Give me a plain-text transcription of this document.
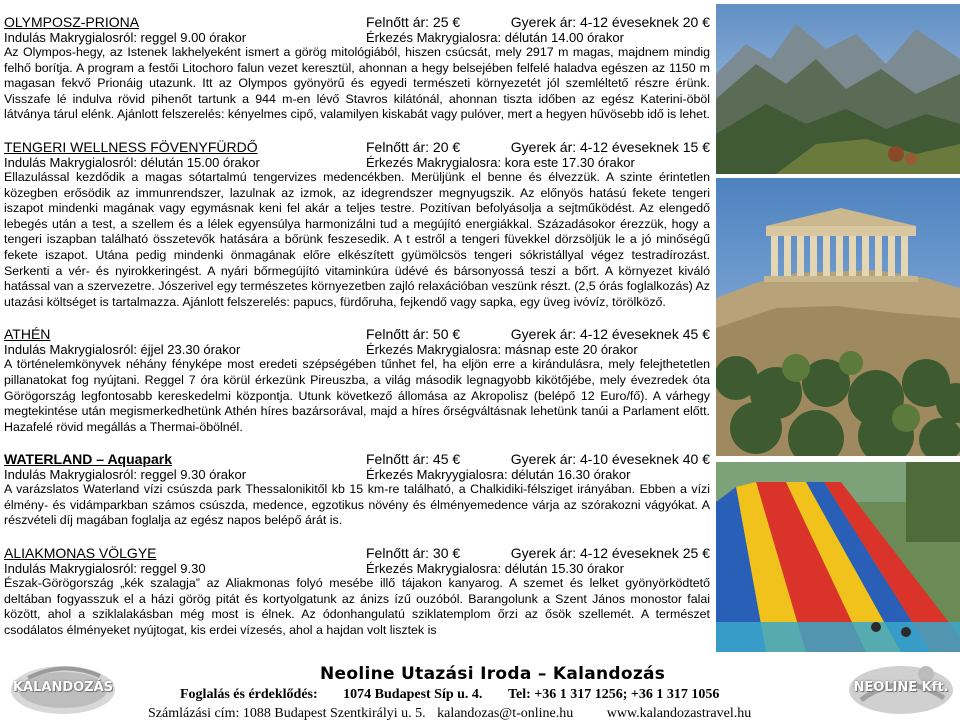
OLYMPOSZ-PRIONA	Felnőtt ár: 25 €	Gyerek ár: 4-12 éveseknek 20 €
Indulás Makrygialosról: reggel 9.00 órakor	Érkezés Makrygialosra: délután 14.00 órakor

Az Olympos-hegy, az Istenek lakhelyeként ismert a görög mitológiából, hiszen csúcsát, mely 2917 m magas, majdnem mindig felhő borítja. A program a festői Litochoro falun vezet keresztül, ahonnan a hegy belsejében felfelé haladva egészen az 1150 m magasan fekvő Prionáig utazunk. Itt az Olympos gyönyörű és egyedi természeti környezetét jól szemléltető részre érünk. Visszafe lé indulva rövid pihenőt tartunk a 944 m-en lévő Stavros kilátónál, ahonnan tiszta időben az egész Katerini-öböl látványa tárul elénk. Ajánlott felszerelés: kényelmes cipő, valamilyen kiskabát vagy pulóver, mert a hegyen hűvösebb idő is lehet.

TENGERI WELLNESS FÖVENYFÜRDŐ	Felnőtt ár: 20 €	Gyerek ár: 4-12 éveseknek 15 €
Indulás Makrygialosról: délután 15.00 órakor	Érkezés Makrygialosra: kora este 17.30 órakor

Ellazulással kezdődik a magas sótartalmú tengervizes medencékben. Merüljünk el benne és élvezzük. A szinte érintetlen közegben erősödik az immunrendszer, lazulnak az izmok, az idegrendszer megnyugszik. Az előnyös hatású fekete tengeri iszapot mindenki magának vagy egymásnak keni fel akár a teljes testre. Pozitívan befolyásolja a sejtműködést. Az elengedő lebegés után a test, a szellem és a lélek egyensúlya harmonizálni tud a megújító energiákkal. Századásokor érezzük, hogy a tengeri iszapban található összetevők hatására a bőrünk feszesedik. A t estről a tengeri füvekkel dörzsöljük le a jó minőségű fekete iszapot. Utána pedig mindenki önmagának előre elkészített gyümölcsös tengeri sókristállyal végez testradírozást. Serkenti a vér- és nyirokkeringést. A nyári bőrmegújító vitaminkúra üdévé és bársonyossá teszi a bőrt. A környezet kiváló hatással van a szervezetre. Jószerivel egy természetes környezetben zajló relaxációban veszünk részt. (2,5 órás foglalkozás) Az utazási költséget is tartalmazza. Ajánlott felszerelés: papucs, fürdőruha, fejkendő vagy sapka, egy üveg ivóvíz, törölköző.

ATHÉN	Felnőtt ár: 50 €	Gyerek ár: 4-12 éveseknek 45 €
Indulás Makrygialosról: éjjel 23.30 órakor	Érkezés Makrygialosra: másnap este 20 órakor

A történelemkönyvek néhány fényképe most eredeti szépségében tűnhet fel, ha eljön erre a kirándulásra, mely felejthetetlen pillanatokat fog nyújtani. Reggel 7 óra körül érkezünk Pireuszba, a világ második legnagyobb kikötőjébe, mely évezredek óta Görögország legfontosabb kereskedelmi központja. Utunk következő állomása az Akropolisz (belépő 12 Euro/fő). A várhegy megtekintése után megismerkedhetünk Athén híres bazársorával, majd a híres őrségváltásnak lehetünk tanúi a Parlament előtt. Hazafelé rövid megállás a Thermai-öbölnél.

WATERLAND – Aquapark	Felnőtt ár: 45 €	Gyerek ár: 4-10 éveseknek 40 €
Indulás Makrygialosról: reggel 9.30 órakor	Érkezés Makryygialosra: délután 16.30 órakor

A varázslatos Waterland vízi csúszda park Thessalonikitől kb 15 km-re található, a Chalkidiki-félsziget irányában. Ebben a vízi élmény- és vidámparkban számos csúszda, medence, egzotikus növény és élményemedence várja az szórakozni vágyókat. A részvételi díj magában foglalja az egész napos belépő árát is.

ALIAKMONAS VÖLGYE	Felnőtt ár: 30 €	Gyerek ár: 4-12 éveseknek 25 €
Indulás Makrygialosról: reggel 9.30	Érkezés Makrygialosra: délután 15.30 órakor

Észak-Görögország „kék szalagja” az Aliakmonas folyó mesébe illő tájakon kanyarog. A szemet és lelket gyönyörködtető deltában fogyasszuk el a házi görög pitát és kortyolgatunk az ánizs ízű ouzóból. Barangolunk a Szent János monostor falai között, ahol a sziklalakásban még most is élnek. Az ódonhangulatú sziklatemplom őrzi az ősök szellemét. A természet csodálatos élményeket nyújtogat, kis erdei vízesés, ahol a hajdan volt lisztek is

KALANDOZÁS
Neoline Utazási Iroda – Kalandozás
Foglalás és érdeklődés: 1074 Budapest Síp u. 4. Tel: +36 1 317 1256; +36 1 317 1056
Számlázási cím: 1088 Budapest Szentkirályi u. 5. kalandozas@t-online.hu www.kalandozastravel.hu
NEOLINE Kft.
